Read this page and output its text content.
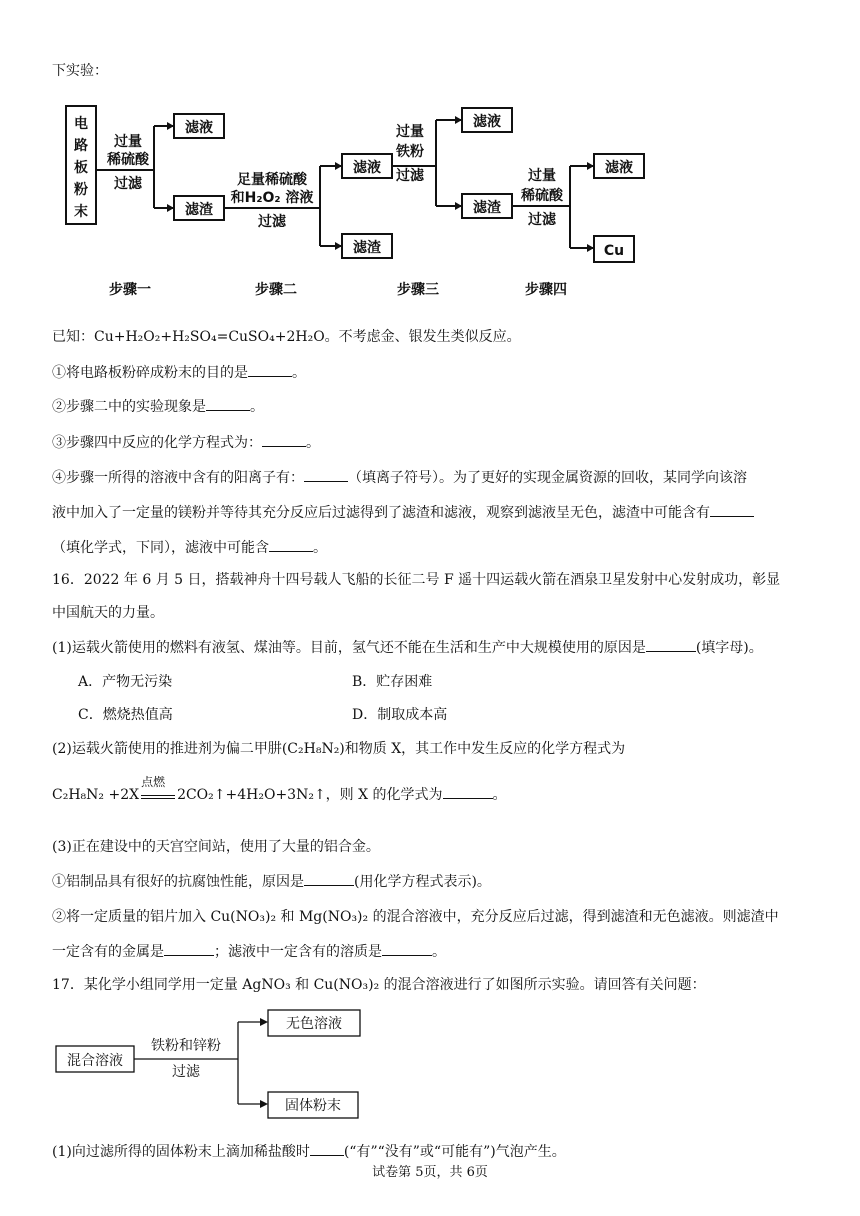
下实验：
电
路
板
粉
末
过量
稀硫酸
过滤
滤液
滤渣
足量稀硫酸
和H₂O₂ 溶液
过滤
滤液
滤渣
过量
铁粉
过滤
滤液
滤渣
过量
稀硫酸
过滤
滤液
Cu
步骤一	步骤二	步骤三	步骤四
已知：Cu+H₂O₂+H₂SO₄=CuSO₄+2H₂O。不考虑金、银发生类似反应。
①将电路板粉碎成粉末的目的是	。
②步骤二中的实验现象是	。
③步骤四中反应的化学方程式为：	。
④步骤一所得的溶液中含有的阳离子有：	（填离子符号）。为了更好的实现金属资源的回收，某同学向该溶
液中加入了一定量的镁粉并等待其充分反应后过滤得到了滤渣和滤液，观察到滤液呈无色，滤渣中可能含有
（填化学式，下同），滤液中可能含	。
16．2022 年 6 月 5 日，搭载神舟十四号载人飞船的长征二号 F 遥十四运载火箭在酒泉卫星发射中心发射成功，彰显
中国航天的力量。
(1)运载火箭使用的燃料有液氢、煤油等。目前，氢气还不能在生活和生产中大规模使用的原因是	(填字母)。
A．产物无污染	B．贮存困难
C．燃烧热值高	D．制取成本高
(2)运载火箭使用的推进剂为偏二甲肼(C₂H₈N₂)和物质 X，其工作中发生反应的化学方程式为
C₂H₈N₂ +2X
点燃
2CO₂↑+4H₂O+3N₂↑，则 X 的化学式为	。
(3)正在建设中的天宫空间站，使用了大量的铝合金。
①铝制品具有很好的抗腐蚀性能，原因是	(用化学方程式表示)。
②将一定质量的铝片加入 Cu(NO₃)₂ 和 Mg(NO₃)₂ 的混合溶液中，充分反应后过滤，得到滤渣和无色滤液。则滤渣中
一定含有的金属是	；滤液中一定含有的溶质是	。
17．某化学小组同学用一定量 AgNO₃ 和 Cu(NO₃)₂ 的混合溶液进行了如图所示实验。请回答有关问题：
混合溶液
铁粉和锌粉
过滤
无色溶液
固体粉末
(1)向过滤所得的固体粉末上滴加稀盐酸时 (“有”“没有”或“可能有”)气泡产生。
试卷第 5页，共 6页
